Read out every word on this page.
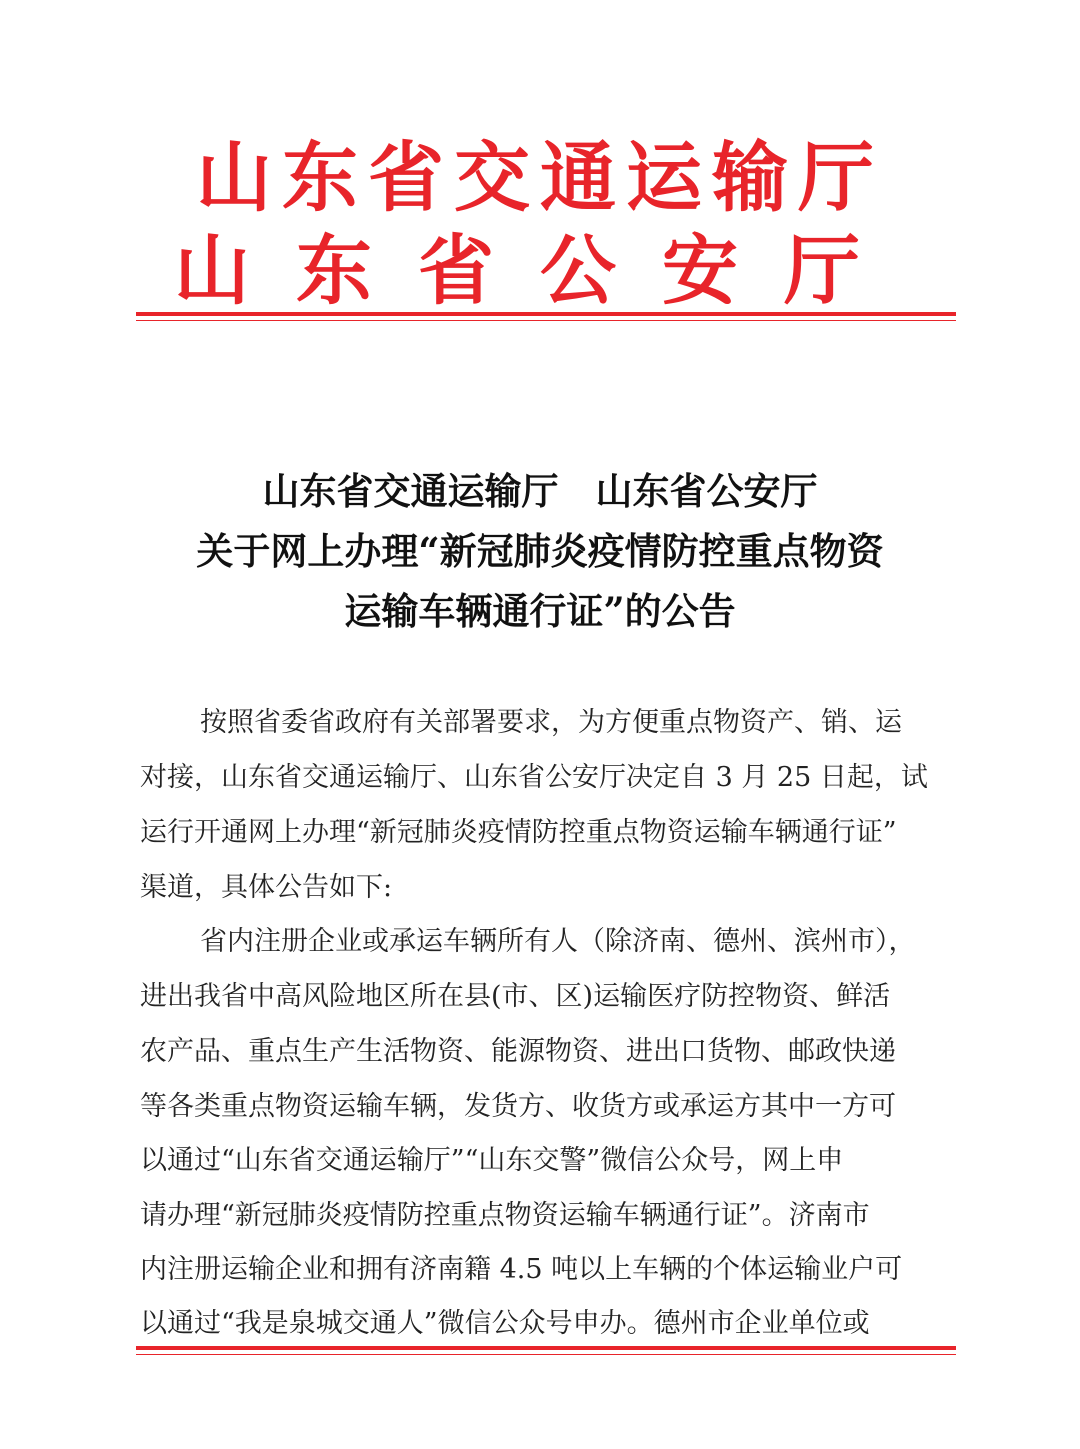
山东省交通运输厅
山东省公安厅
山东省交通运输厅　山东省公安厅
关于网上办理“新冠肺炎疫情防控重点物资
运输车辆通行证”的公告
按照省委省政府有关部署要求，为方便重点物资产、销、运
对接，山东省交通运输厅、山东省公安厅决定自 3 月 25 日起，试
运行开通网上办理“新冠肺炎疫情防控重点物资运输车辆通行证”
渠道，具体公告如下:
省内注册企业或承运车辆所有人（除济南、德州、滨州市），
进出我省中高风险地区所在县(市、区)运输医疗防控物资、鲜活
农产品、重点生产生活物资、能源物资、进出口货物、邮政快递
等各类重点物资运输车辆，发货方、收货方或承运方其中一方可
以通过“山东省交通运输厅”“山东交警”微信公众号，网上申
请办理“新冠肺炎疫情防控重点物资运输车辆通行证”。济南市
内注册运输企业和拥有济南籍 4.5 吨以上车辆的个体运输业户可
以通过“我是泉城交通人”微信公众号申办。德州市企业单位或
